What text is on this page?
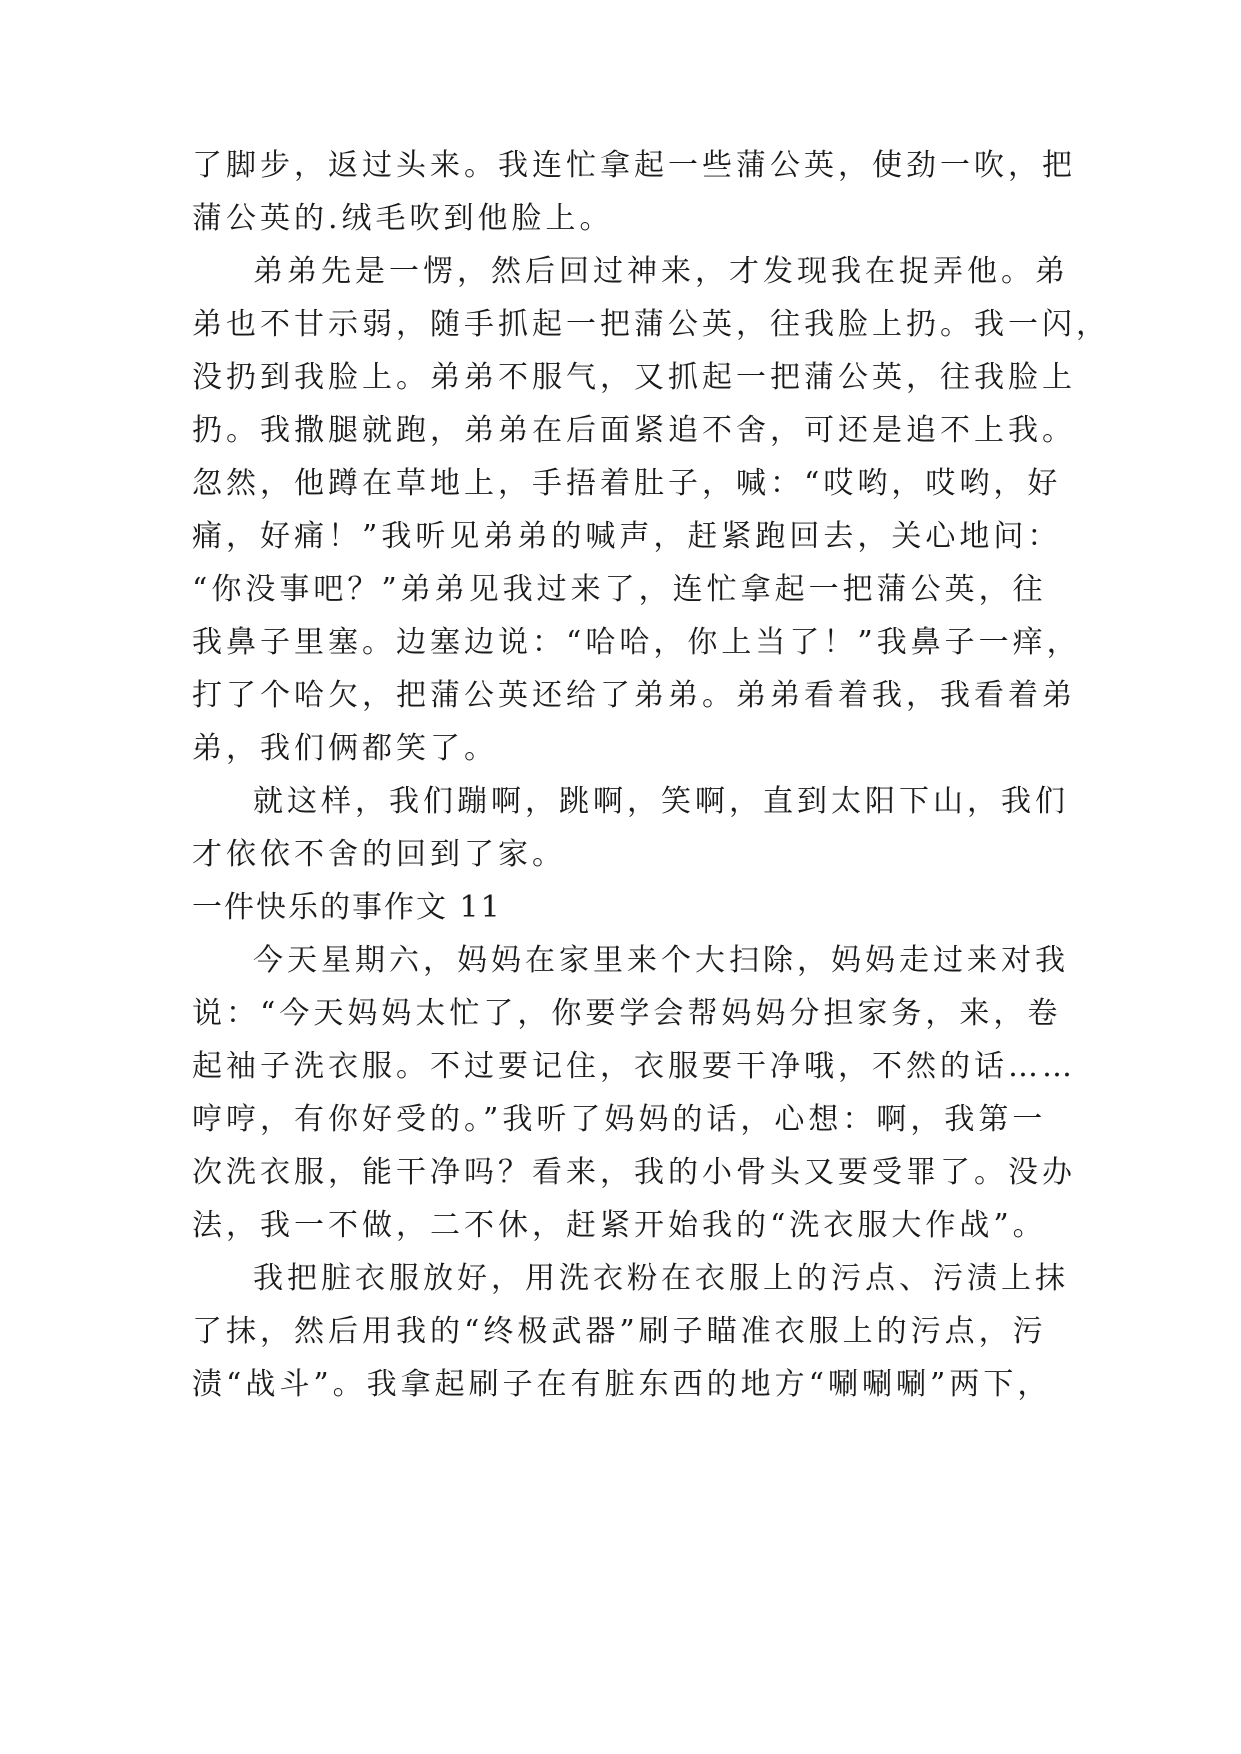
了脚步，返过头来。我连忙拿起一些蒲公英，使劲一吹，把
蒲公英的.绒毛吹到他脸上。
弟弟先是一愣，然后回过神来，才发现我在捉弄他。弟
弟也不甘示弱，随手抓起一把蒲公英，往我脸上扔。我一闪，
没扔到我脸上。弟弟不服气，又抓起一把蒲公英，往我脸上
扔。我撒腿就跑，弟弟在后面紧追不舍，可还是追不上我。
忽然，他蹲在草地上，手捂着肚子，喊：“哎哟，哎哟，好
痛，好痛！”我听见弟弟的喊声，赶紧跑回去，关心地问：
“你没事吧？”弟弟见我过来了，连忙拿起一把蒲公英，往
我鼻子里塞。边塞边说：“哈哈，你上当了！”我鼻子一痒，
打了个哈欠，把蒲公英还给了弟弟。弟弟看着我，我看着弟
弟，我们俩都笑了。
就这样，我们蹦啊，跳啊，笑啊，直到太阳下山，我们
才依依不舍的回到了家。
一件快乐的事作文 11
今天星期六，妈妈在家里来个大扫除，妈妈走过来对我
说：“今天妈妈太忙了，你要学会帮妈妈分担家务，来，卷
起袖子洗衣服。不过要记住，衣服要干净哦，不然的话……
哼哼，有你好受的。”我听了妈妈的话，心想：啊，我第一
次洗衣服，能干净吗？看来，我的小骨头又要受罪了。没办
法，我一不做，二不休，赶紧开始我的“洗衣服大作战”。
我把脏衣服放好，用洗衣粉在衣服上的污点、污渍上抹
了抹，然后用我的“终极武器”刷子瞄准衣服上的污点，污
渍“战斗”。我拿起刷子在有脏东西的地方“唰唰唰”两下，
